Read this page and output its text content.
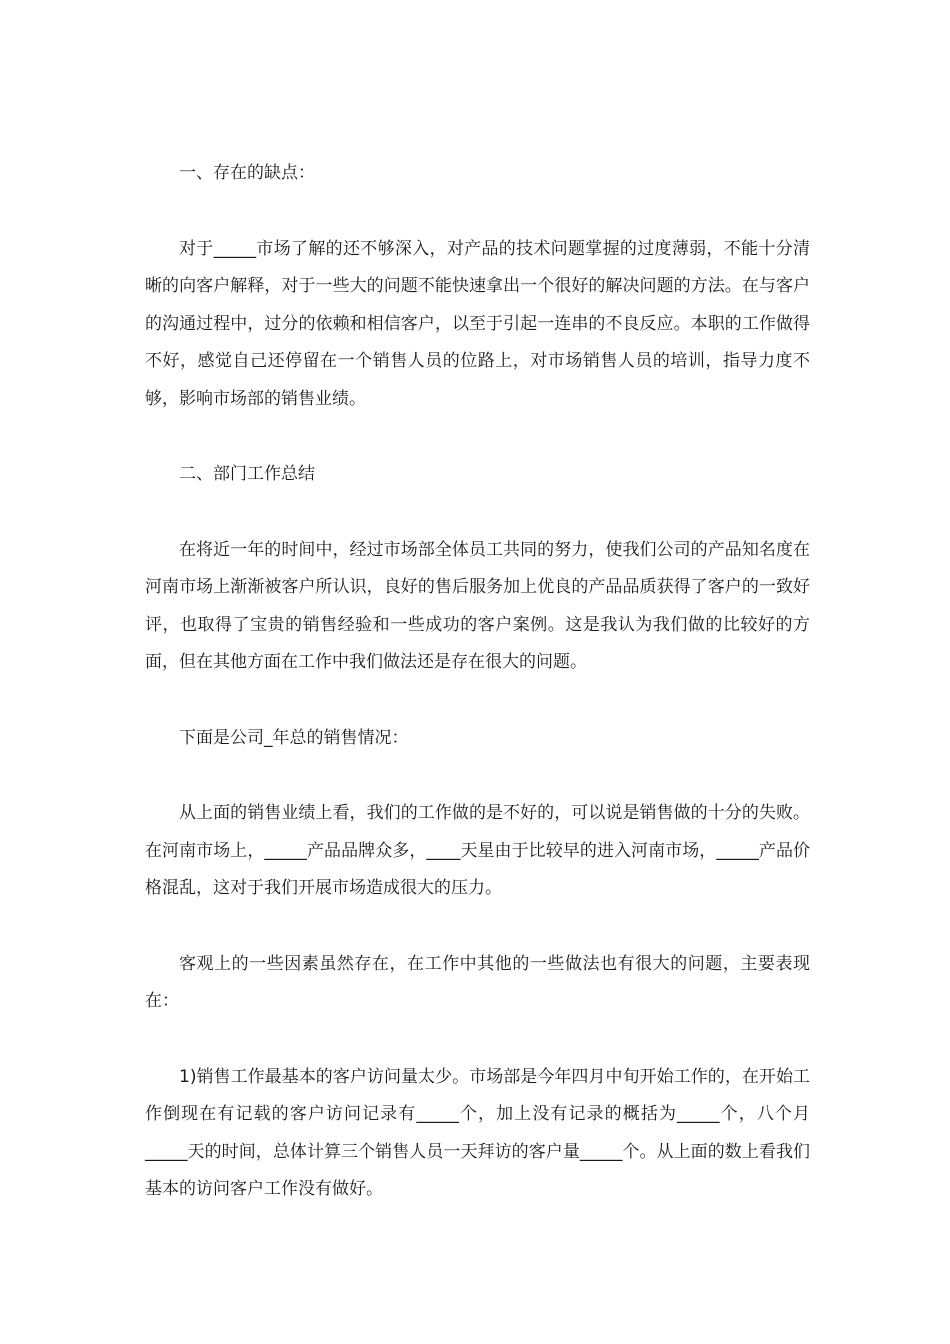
一、存在的缺点：

对于_____市场了解的还不够深入，对产品的技术问题掌握的过度薄弱，不能十分清晰的向客户解释，对于一些大的问题不能快速拿出一个很好的解决问题的方法。在与客户的沟通过程中，过分的依赖和相信客户，以至于引起一连串的不良反应。本职的工作做得不好，感觉自己还停留在一个销售人员的位路上，对市场销售人员的培训，指导力度不够，影响市场部的销售业绩。

二、部门工作总结

在将近一年的时间中，经过市场部全体员工共同的努力，使我们公司的产品知名度在河南市场上渐渐被客户所认识，良好的售后服务加上优良的产品品质获得了客户的一致好评，也取得了宝贵的销售经验和一些成功的客户案例。这是我认为我们做的比较好的方面，但在其他方面在工作中我们做法还是存在很大的问题。

下面是公司_年总的销售情况：

从上面的销售业绩上看，我们的工作做的是不好的，可以说是销售做的十分的失败。在河南市场上，_____产品品牌众多，____天星由于比较早的进入河南市场，_____产品价格混乱，这对于我们开展市场造成很大的压力。

客观上的一些因素虽然存在，在工作中其他的一些做法也有很大的问题，主要表现在：

1)销售工作最基本的客户访问量太少。市场部是今年四月中旬开始工作的，在开始工作倒现在有记载的客户访问记录有_____个，加上没有记录的概括为_____个，八个月_____天的时间，总体计算三个销售人员一天拜访的客户量_____个。从上面的数上看我们基本的访问客户工作没有做好。
